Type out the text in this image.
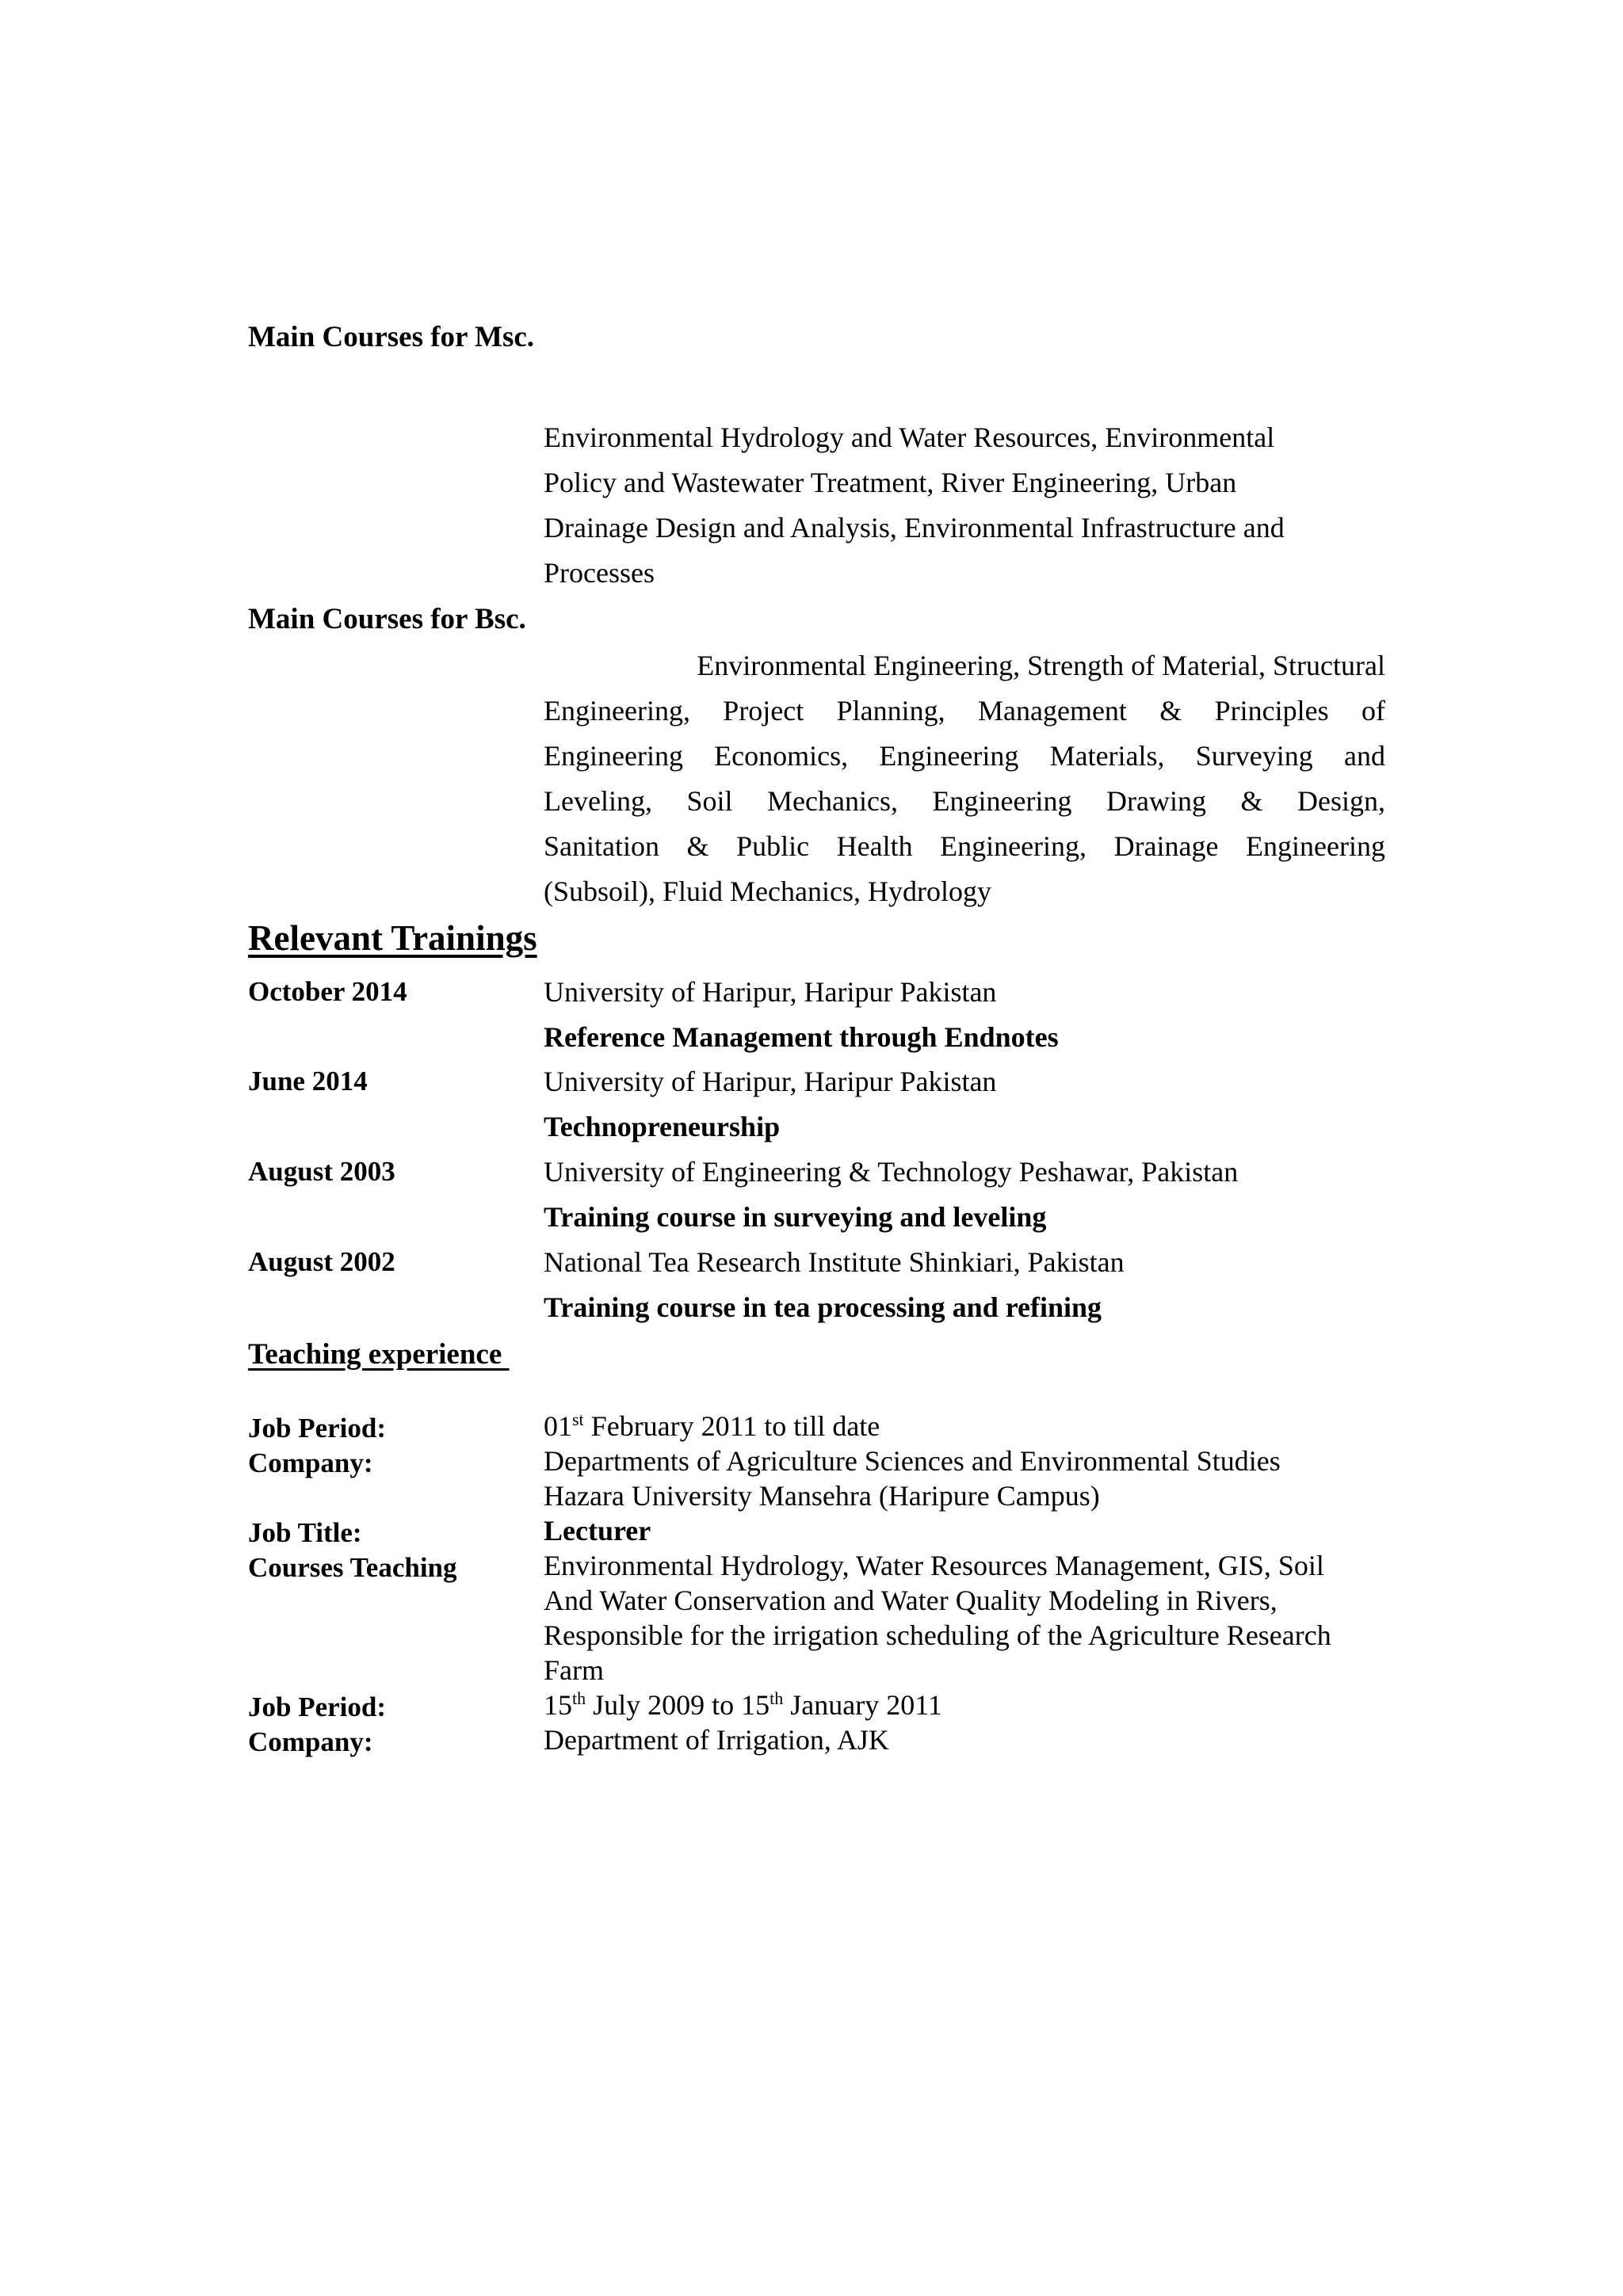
Main Courses for Msc.
Environmental Hydrology and Water Resources, Environmental
Policy and Wastewater Treatment, River Engineering, Urban
Drainage Design and Analysis, Environmental Infrastructure and
Processes
Main Courses for Bsc.
Environmental Engineering, Strength of Material, Structural
Engineering, Project Planning, Management & Principles of
Engineering Economics, Engineering Materials, Surveying and
Leveling, Soil Mechanics, Engineering Drawing & Design,
Sanitation & Public Health Engineering, Drainage Engineering
(Subsoil), Fluid Mechanics, Hydrology
Relevant Trainings
October 2014	University of Haripur, Haripur Pakistan
Reference Management through Endnotes
June 2014	University of Haripur, Haripur Pakistan
Technopreneurship
August 2003	University of Engineering & Technology Peshawar, Pakistan
Training course in surveying and leveling
August 2002	National Tea Research Institute Shinkiari, Pakistan
Training course in tea processing and refining
Teaching experience
Job Period:	01st February 2011 to till date
Company:	Departments of Agriculture Sciences and Environmental Studies
Hazara University Mansehra (Haripure Campus)
Job Title:	Lecturer
Courses Teaching	Environmental Hydrology, Water Resources Management, GIS, Soil
And Water Conservation and Water Quality Modeling in Rivers,
Responsible for the irrigation scheduling of the Agriculture Research
Farm
Job Period:	15th July 2009 to 15th January 2011
Company:	Department of Irrigation, AJK
